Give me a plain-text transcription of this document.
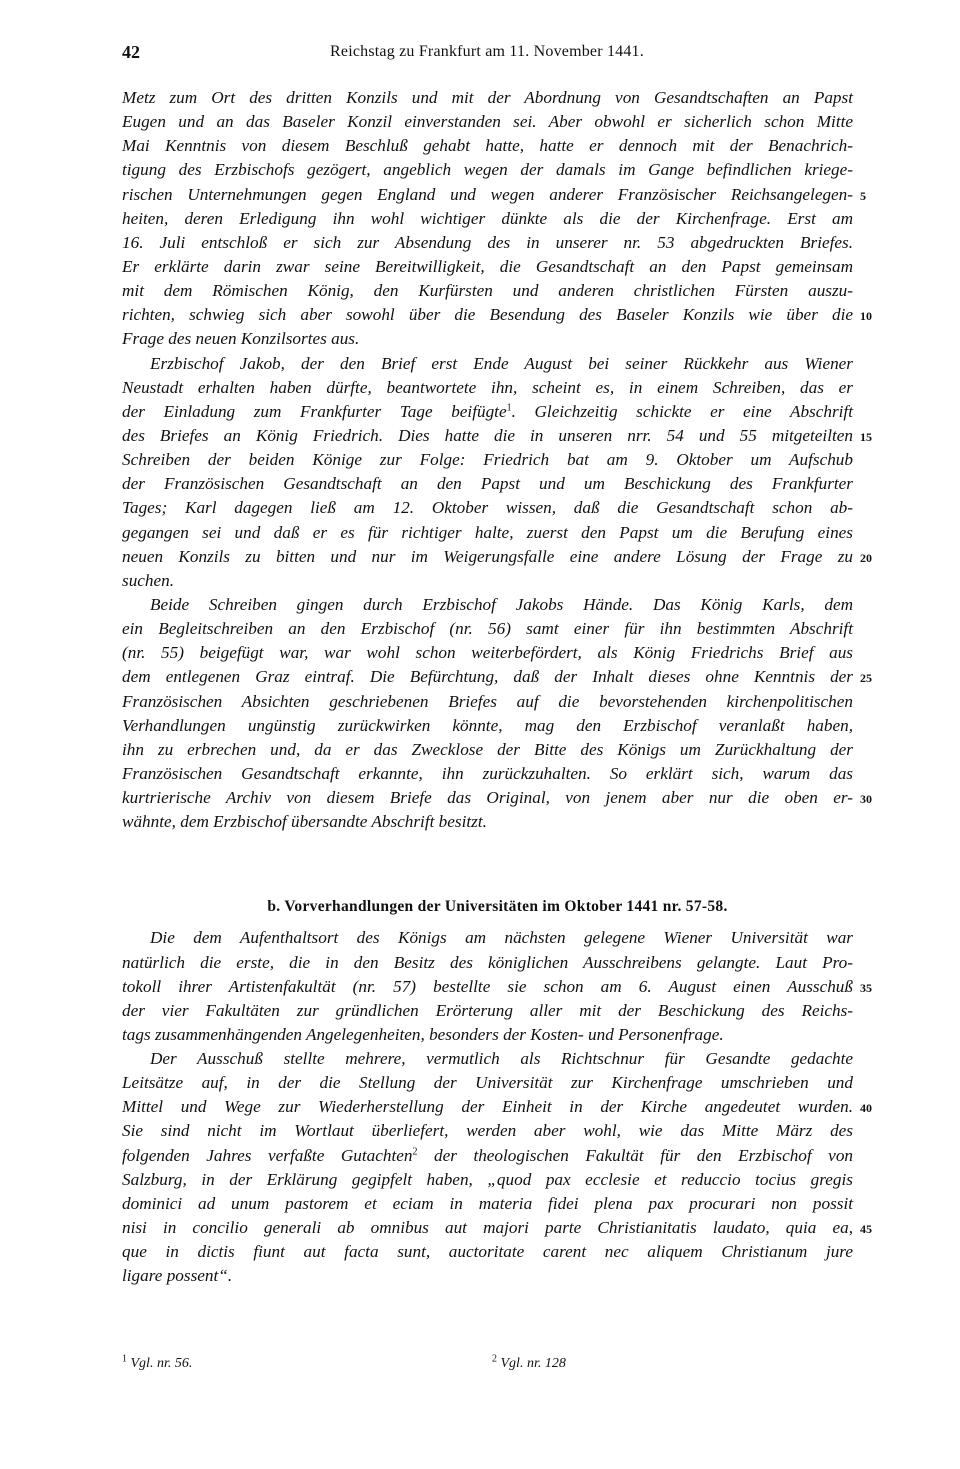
42	Reichstag zu Frankfurt am 11. November 1441.
Metz zum Ort des dritten Konzils und mit der Abordnung von Gesandtschaften an Papst
Eugen und an das Baseler Konzil einverstanden sei. Aber obwohl er sicherlich schon Mitte
Mai Kenntnis von diesem Beschluß gehabt hatte, hatte er dennoch mit der Benachrich-
tigung des Erzbischofs gezögert, angeblich wegen der damals im Gange befindlichen kriege-
rischen Unternehmungen gegen England und wegen anderer Französischer Reichsangelegen- 5
heiten, deren Erledigung ihn wohl wichtiger dünkte als die der Kirchenfrage. Erst am
16. Juli entschloß er sich zur Absendung des in unserer nr. 53 abgedruckten Briefes.
Er erklärte darin zwar seine Bereitwilligkeit, die Gesandtschaft an den Papst gemeinsam
mit dem Römischen König, den Kurfürsten und anderen christlichen Fürsten auszu-
richten, schwieg sich aber sowohl über die Besendung des Baseler Konzils wie über die 10
Frage des neuen Konzilsortes aus.
Erzbischof Jakob, der den Brief erst Ende August bei seiner Rückkehr aus Wiener
Neustadt erhalten haben dürfte, beantwortete ihn, scheint es, in einem Schreiben, das er
der Einladung zum Frankfurter Tage beifügte$^1$. Gleichzeitig schickte er eine Abschrift
des Briefes an König Friedrich. Dies hatte die in unseren nrr. 54 und 55 mitgeteilten 15
Schreiben der beiden Könige zur Folge: Friedrich bat am 9. Oktober um Aufschub
der Französischen Gesandtschaft an den Papst und um Beschickung des Frankfurter
Tages; Karl dagegen ließ am 12. Oktober wissen, daß die Gesandtschaft schon ab-
gegangen sei und daß er es für richtiger halte, zuerst den Papst um die Berufung eines
neuen Konzils zu bitten und nur im Weigerungsfalle eine andere Lösung der Frage zu 20
suchen.
Beide Schreiben gingen durch Erzbischof Jakobs Hände. Das König Karls, dem
ein Begleitschreiben an den Erzbischof (nr. 56) samt einer für ihn bestimmten Abschrift
(nr. 55) beigefügt war, war wohl schon weiterbefördert, als König Friedrichs Brief aus
dem entlegenen Graz eintraf. Die Befürchtung, daß der Inhalt dieses ohne Kenntnis der 25
Französischen Absichten geschriebenen Briefes auf die bevorstehenden kirchenpolitischen
Verhandlungen ungünstig zurückwirken könnte, mag den Erzbischof veranlaßt haben,
ihn zu erbrechen und, da er das Zwecklose der Bitte des Königs um Zurückhaltung der
Französischen Gesandtschaft erkannte, ihn zurückzuhalten. So erklärt sich, warum das
kurtrierische Archiv von diesem Briefe das Original, von jenem aber nur die oben er- 30
wähnte, dem Erzbischof übersandte Abschrift besitzt.
b. Vorverhandlungen der Universitäten im Oktober 1441 nr. 57-58.
Die dem Aufenthaltsort des Königs am nächsten gelegene Wiener Universität war
natürlich die erste, die in den Besitz des königlichen Ausschreibens gelangte. Laut Pro-
tokoll ihrer Artistenfakultät (nr. 57) bestellte sie schon am 6. August einen Ausschuß 35
der vier Fakultäten zur gründlichen Erörterung aller mit der Beschickung des Reichs-
tags zusammenhängenden Angelegenheiten, besonders der Kosten- und Personenfrage.
Der Ausschuß stellte mehrere, vermutlich als Richtschnur für Gesandte gedachte
Leitsätze auf, in der die Stellung der Universität zur Kirchenfrage umschrieben und
Mittel und Wege zur Wiederherstellung der Einheit in der Kirche angedeutet wurden. 40
Sie sind nicht im Wortlaut überliefert, werden aber wohl, wie das Mitte März des
folgenden Jahres verfaßte Gutachten$^2$ der theologischen Fakultät für den Erzbischof von
Salzburg, in der Erklärung gegipfelt haben, „quod pax ecclesie et reduccio tocius gregis
dominici ad unum pastorem et eciam in materia fidei plena pax procurari non possit
nisi in concilio generali ab omnibus aut majori parte Christianitatis laudato, quia ea, 45
que in dictis fiunt aut facta sunt, auctoritate carent nec aliquem Christianum jure
ligare possent“.
$^1$ Vgl. nr. 56.	$^2$ Vgl. nr. 128
